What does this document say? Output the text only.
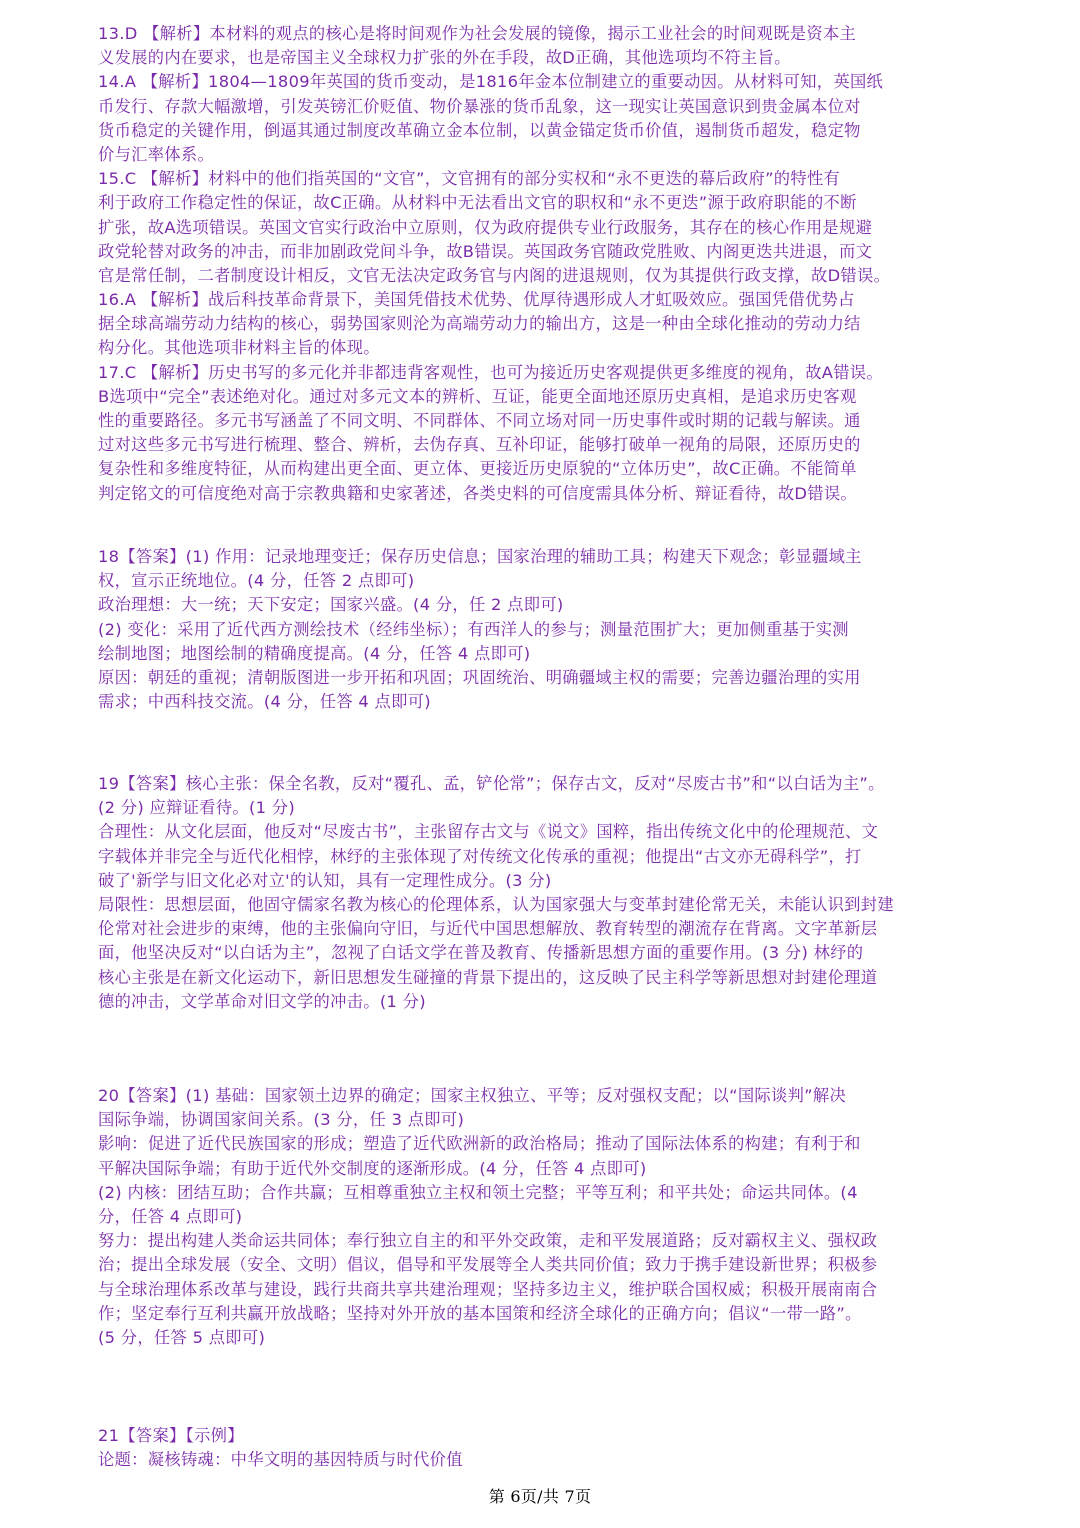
13.D 【解析】本材料的观点的核心是将时间观作为社会发展的镜像，揭示工业社会的时间观既是资本主
义发展的内在要求，也是帝国主义全球权力扩张的外在手段，故D正确，其他选项均不符主旨。
14.A 【解析】1804—1809年英国的货币变动，是1816年金本位制建立的重要动因。从材料可知，英国纸
币发行、存款大幅激增，引发英镑汇价贬值、物价暴涨的货币乱象，这一现实让英国意识到贵金属本位对
货币稳定的关键作用，倒逼其通过制度改革确立金本位制，以黄金锚定货币价值，遏制货币超发，稳定物
价与汇率体系。
15.C 【解析】材料中的他们指英国的“文官”，文官拥有的部分实权和“永不更迭的幕后政府”的特性有
利于政府工作稳定性的保证，故C正确。从材料中无法看出文官的职权和“永不更迭”源于政府职能的不断
扩张，故A选项错误。英国文官实行政治中立原则，仅为政府提供专业行政服务，其存在的核心作用是规避
政党轮替对政务的冲击，而非加剧政党间斗争，故B错误。英国政务官随政党胜败、内阁更迭共进退，而文
官是常任制，二者制度设计相反，文官无法决定政务官与内阁的进退规则，仅为其提供行政支撑，故D错误。
16.A 【解析】战后科技革命背景下，美国凭借技术优势、优厚待遇形成人才虹吸效应。强国凭借优势占
据全球高端劳动力结构的核心，弱势国家则沦为高端劳动力的输出方，这是一种由全球化推动的劳动力结
构分化。其他选项非材料主旨的体现。
17.C 【解析】历史书写的多元化并非都违背客观性，也可为接近历史客观提供更多维度的视角，故A错误。
B选项中“完全”表述绝对化。通过对多元文本的辨析、互证，能更全面地还原历史真相，是追求历史客观
性的重要路径。多元书写涵盖了不同文明、不同群体、不同立场对同一历史事件或时期的记载与解读。通
过对这些多元书写进行梳理、整合、辨析，去伪存真、互补印证，能够打破单一视角的局限，还原历史的
复杂性和多维度特征，从而构建出更全面、更立体、更接近历史原貌的“立体历史”，故C正确。不能简单
判定铭文的可信度绝对高于宗教典籍和史家著述，各类史料的可信度需具体分析、辩证看待，故D错误。
18【答案】(1) 作用：记录地理变迁；保存历史信息；国家治理的辅助工具；构建天下观念；彰显疆域主
权，宣示正统地位。(4 分，任答 2 点即可)
政治理想：大一统；天下安定；国家兴盛。(4 分，任 2 点即可)
(2) 变化：采用了近代西方测绘技术（经纬坐标）；有西洋人的参与；测量范围扩大；更加侧重基于实测
绘制地图；地图绘制的精确度提高。(4 分，任答 4 点即可)
原因：朝廷的重视；清朝版图进一步开拓和巩固；巩固统治、明确疆域主权的需要；完善边疆治理的实用
需求；中西科技交流。(4 分，任答 4 点即可)
19【答案】核心主张：保全名教，反对“覆孔、孟，铲伦常”；保存古文，反对“尽废古书”和“以白话为主”。
(2 分) 应辩证看待。(1 分)
合理性：从文化层面，他反对“尽废古书”，主张留存古文与《说文》国粹，指出传统文化中的伦理规范、文
字载体并非完全与近代化相悖，林纾的主张体现了对传统文化传承的重视；他提出“古文亦无碍科学”，打
破了'新学与旧文化必对立'的认知，具有一定理性成分。(3 分)
局限性：思想层面，他固守儒家名教为核心的伦理体系，认为国家强大与变革封建伦常无关，未能认识到封建
伦常对社会进步的束缚，他的主张偏向守旧，与近代中国思想解放、教育转型的潮流存在背离。文字革新层
面，他坚决反对“以白话为主”，忽视了白话文学在普及教育、传播新思想方面的重要作用。(3 分) 林纾的
核心主张是在新文化运动下，新旧思想发生碰撞的背景下提出的，这反映了民主科学等新思想对封建伦理道
德的冲击，文学革命对旧文学的冲击。(1 分)
20【答案】(1) 基础：国家领土边界的确定；国家主权独立、平等；反对强权支配；以“国际谈判”解决
国际争端，协调国家间关系。(3 分，任 3 点即可)
影响：促进了近代民族国家的形成；塑造了近代欧洲新的政治格局；推动了国际法体系的构建；有利于和
平解决国际争端；有助于近代外交制度的逐渐形成。(4 分，任答 4 点即可)
(2) 内核：团结互助；合作共赢；互相尊重独立主权和领土完整；平等互利；和平共处；命运共同体。(4
分，任答 4 点即可)
努力：提出构建人类命运共同体；奉行独立自主的和平外交政策，走和平发展道路；反对霸权主义、强权政
治；提出全球发展（安全、文明）倡议，倡导和平发展等全人类共同价值；致力于携手建设新世界；积极参
与全球治理体系改革与建设，践行共商共享共建治理观；坚持多边主义，维护联合国权威；积极开展南南合
作；坚定奉行互利共赢开放战略；坚持对外开放的基本国策和经济全球化的正确方向；倡议“一带一路”。
(5 分，任答 5 点即可)
21【答案】【示例】
论题：凝核铸魂：中华文明的基因特质与时代价值
第 6页/共 7页
